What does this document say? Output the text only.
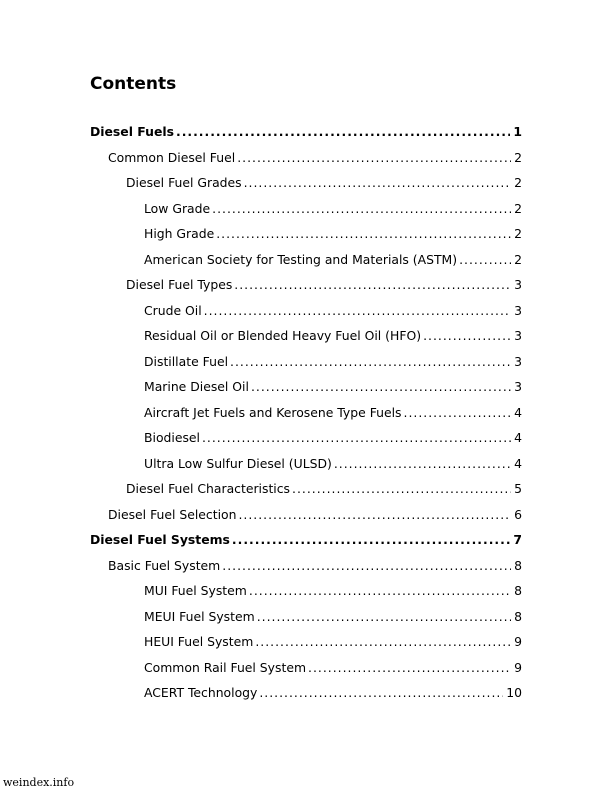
Contents
Diesel Fuels .....	1
Common Diesel Fuel .....	2
Diesel Fuel Grades .....	2
Low Grade .....	2
High Grade .....	2
American Society for Testing and Materials (ASTM) .....	2
Diesel Fuel Types .....	3
Crude Oil .....	3
Residual Oil or Blended Heavy Fuel Oil (HFO) .....	3
Distillate Fuel .....	3
Marine Diesel Oil .....	3
Aircraft Jet Fuels and Kerosene Type Fuels .....	4
Biodiesel .....	4
Ultra Low Sulfur Diesel (ULSD) .....	4
Diesel Fuel Characteristics .....	5
Diesel Fuel Selection .....	6
Diesel Fuel Systems .....	7
Basic Fuel System .....	8
MUI Fuel System .....	8
MEUI Fuel System .....	8
HEUI Fuel System .....	9
Common Rail Fuel System .....	9
ACERT Technology .....	10
weindex.info
